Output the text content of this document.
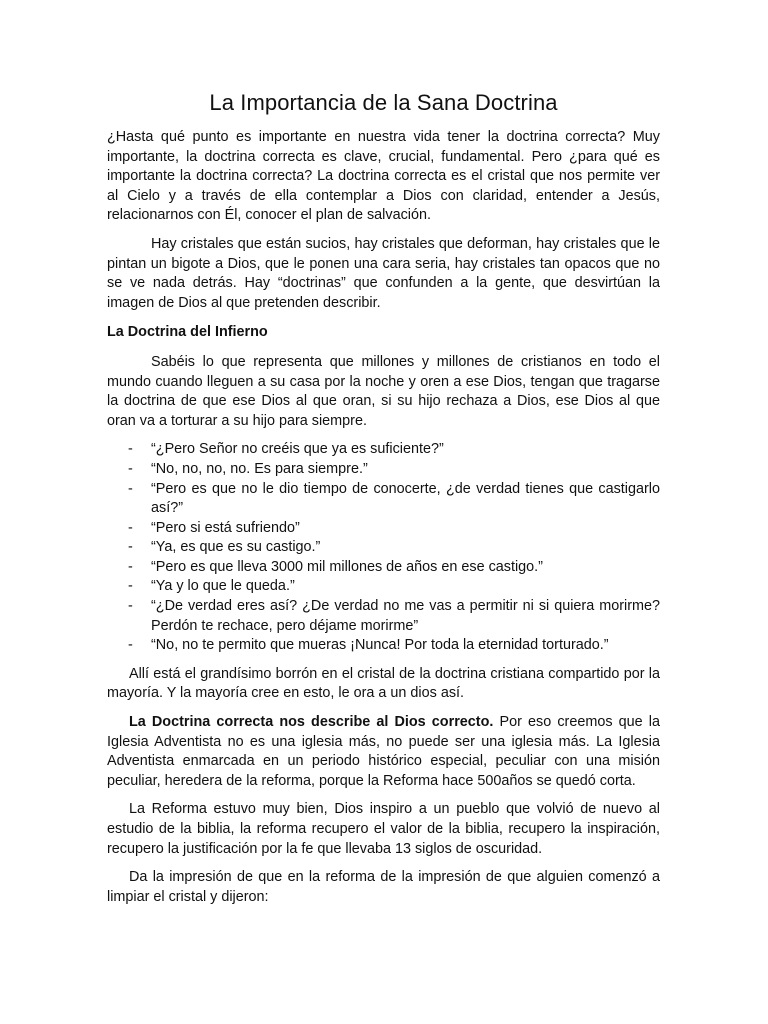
La Importancia de la Sana Doctrina

¿Hasta qué punto es importante en nuestra vida tener la doctrina correcta? Muy importante, la doctrina correcta es clave, crucial, fundamental. Pero ¿para qué es importante la doctrina correcta? La doctrina correcta es el cristal que nos permite ver al Cielo y a través de ella contemplar a Dios con claridad, entender a Jesús, relacionarnos con Él, conocer el plan de salvación.

Hay cristales que están sucios, hay cristales que deforman, hay cristales que le pintan un bigote a Dios, que le ponen una cara seria, hay cristales tan opacos que no se ve nada detrás. Hay “doctrinas” que confunden a la gente, que desvirtúan la imagen de Dios al que pretenden describir.

La Doctrina del Infierno

Sabéis lo que representa que millones y millones de cristianos en todo el mundo cuando lleguen a su casa por la noche y oren a ese Dios, tengan que tragarse la doctrina de que ese Dios al que oran, si su hijo rechaza a Dios, ese Dios al que oran va a torturar a su hijo para siempre.

- “¿Pero Señor no creéis que ya es suficiente?”
- “No, no, no, no. Es para siempre.”
- “Pero es que no le dio tiempo de conocerte, ¿de verdad tienes que castigarlo así?”
- “Pero si está sufriendo”
- “Ya, es que es su castigo.”
- “Pero es que lleva 3000 mil millones de años en ese castigo.”
- “Ya y lo que le queda.”
- “¿De verdad eres así? ¿De verdad no me vas a permitir ni si quiera morirme? Perdón te rechace, pero déjame morirme”
- “No, no te permito que mueras ¡Nunca! Por toda la eternidad torturado.”

Allí está el grandísimo borrón en el cristal de la doctrina cristiana compartido por la mayoría. Y la mayoría cree en esto, le ora a un dios así.

La Doctrina correcta nos describe al Dios correcto. Por eso creemos que la Iglesia Adventista no es una iglesia más, no puede ser una iglesia más. La Iglesia Adventista enmarcada en un periodo histórico especial, peculiar con una misión peculiar, heredera de la reforma, porque la Reforma hace 500años se quedó corta.

La Reforma estuvo muy bien, Dios inspiro a un pueblo que volvió de nuevo al estudio de la biblia, la reforma recupero el valor de la biblia, recupero la inspiración, recupero la justificación por la fe que llevaba 13 siglos de oscuridad.

Da la impresión de que en la reforma de la impresión de que alguien comenzó a limpiar el cristal y dijeron:
